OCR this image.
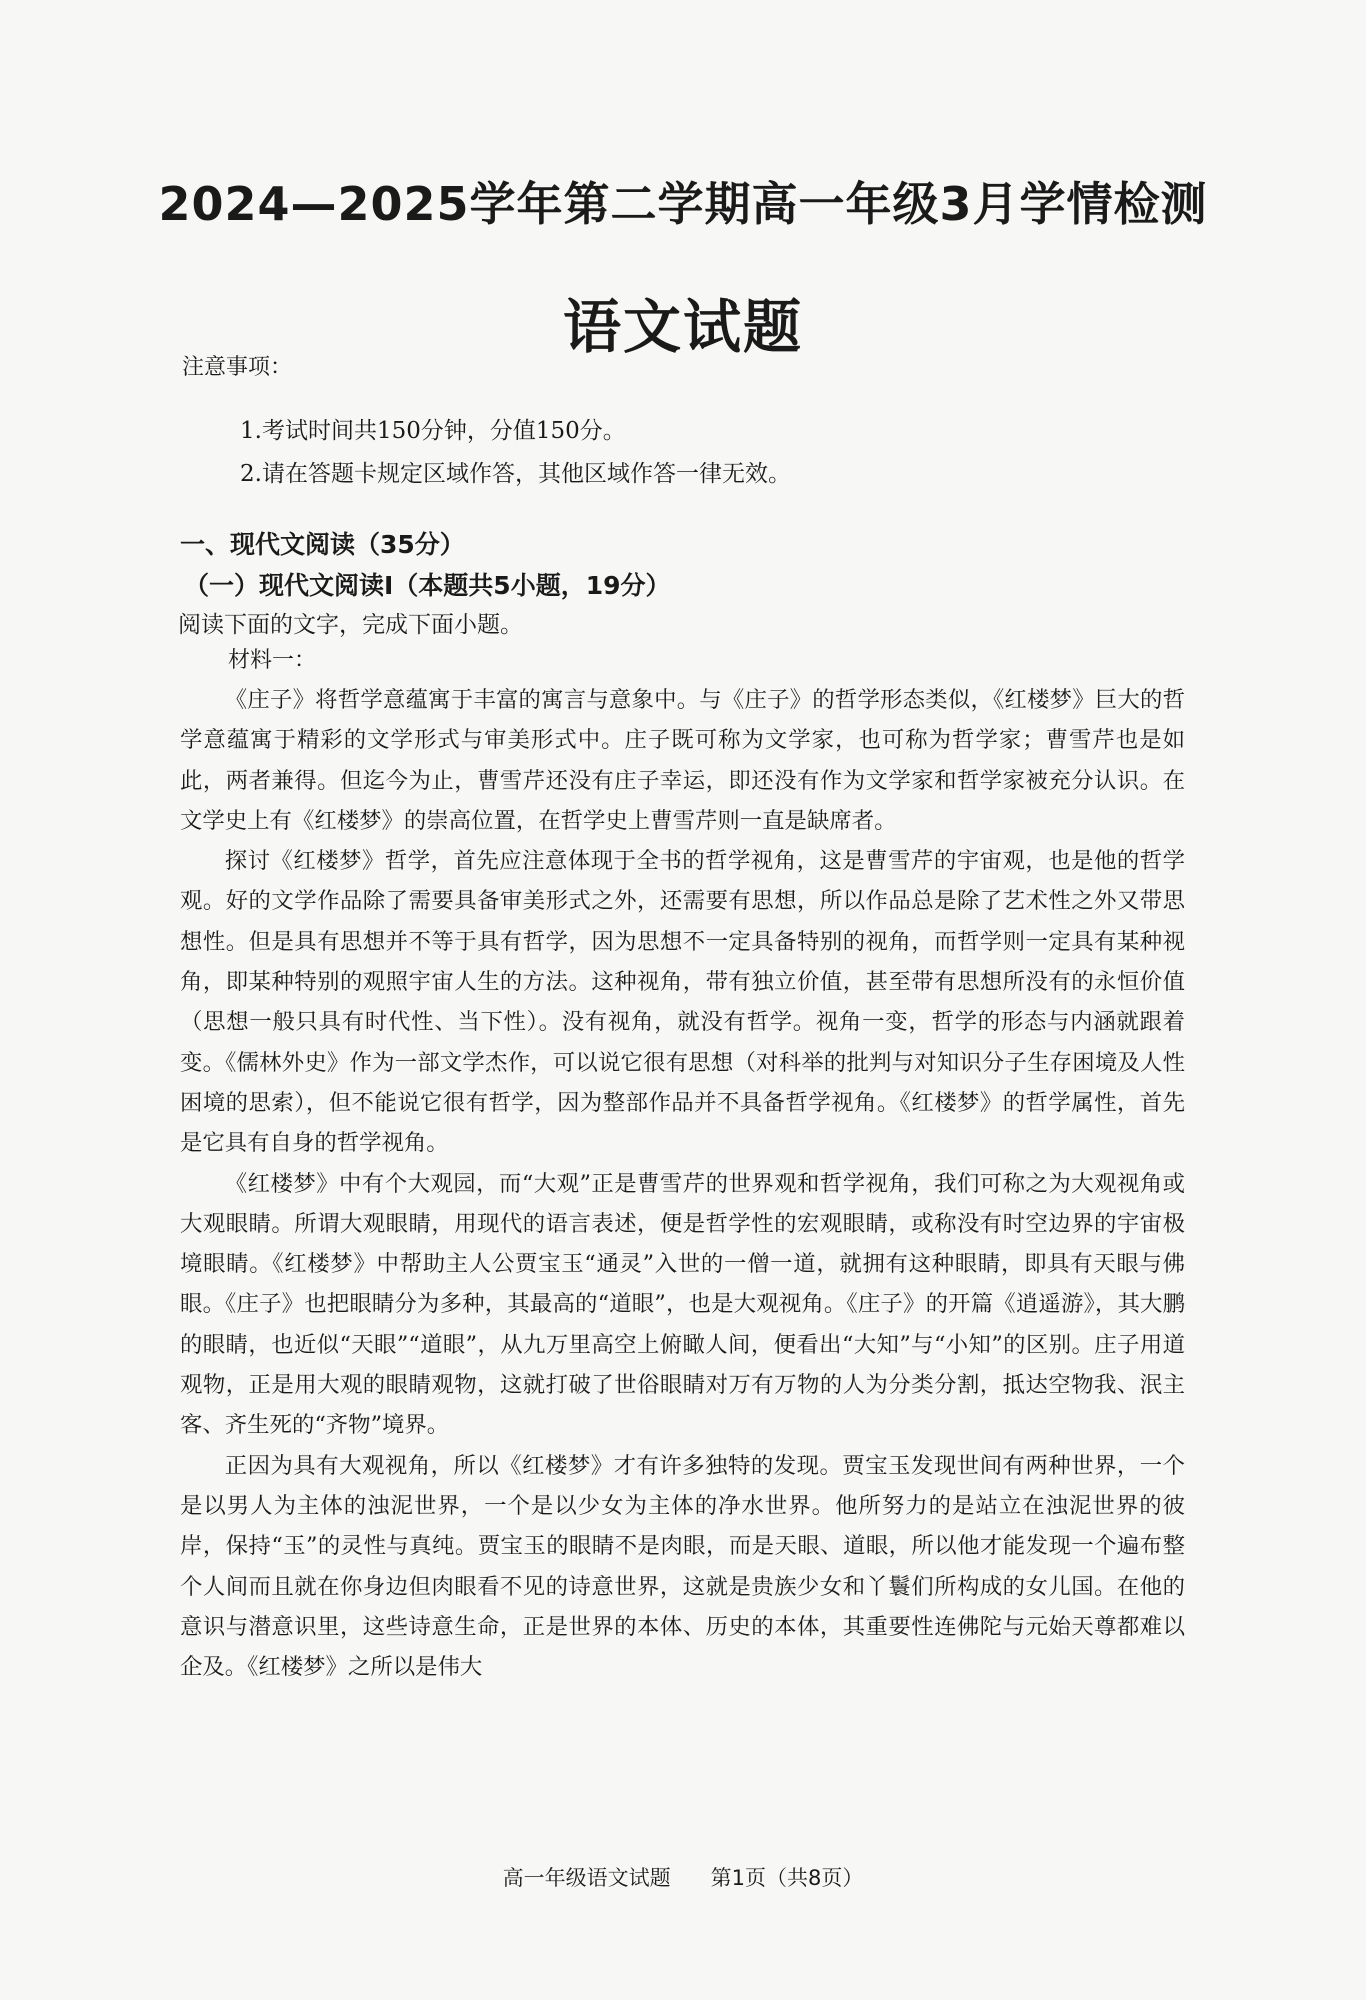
2024—2025学年第二学期高一年级3月学情检测
语文试题
注意事项：
1.考试时间共150分钟，分值150分。
2.请在答题卡规定区域作答，其他区域作答一律无效。
一、现代文阅读（35分）
（一）现代文阅读Ⅰ（本题共5小题，19分）
阅读下面的文字，完成下面小题。
材料一：

《庄子》将哲学意蕴寓于丰富的寓言与意象中。与《庄子》的哲学形态类似，《红楼梦》巨大的哲学意蕴寓于精彩的文学形式与审美形式中。庄子既可称为文学家，也可称为哲学家；曹雪芹也是如此，两者兼得。但迄今为止，曹雪芹还没有庄子幸运，即还没有作为文学家和哲学家被充分认识。在文学史上有《红楼梦》的崇高位置，在哲学史上曹雪芹则一直是缺席者。

探讨《红楼梦》哲学，首先应注意体现于全书的哲学视角，这是曹雪芹的宇宙观，也是他的哲学观。好的文学作品除了需要具备审美形式之外，还需要有思想，所以作品总是除了艺术性之外又带思想性。但是具有思想并不等于具有哲学，因为思想不一定具备特别的视角，而哲学则一定具有某种视角，即某种特别的观照宇宙人生的方法。这种视角，带有独立价值，甚至带有思想所没有的永恒价值（思想一般只具有时代性、当下性）。没有视角，就没有哲学。视角一变，哲学的形态与内涵就跟着变。《儒林外史》作为一部文学杰作，可以说它很有思想（对科举的批判与对知识分子生存困境及人性困境的思索），但不能说它很有哲学，因为整部作品并不具备哲学视角。《红楼梦》的哲学属性，首先是它具有自身的哲学视角。

《红楼梦》中有个大观园，而“大观”正是曹雪芹的世界观和哲学视角，我们可称之为大观视角或大观眼睛。所谓大观眼睛，用现代的语言表述，便是哲学性的宏观眼睛，或称没有时空边界的宇宙极境眼睛。《红楼梦》中帮助主人公贾宝玉“通灵”入世的一僧一道，就拥有这种眼睛，即具有天眼与佛眼。《庄子》也把眼睛分为多种，其最高的“道眼”，也是大观视角。《庄子》的开篇《逍遥游》，其大鹏的眼睛，也近似“天眼”“道眼”，从九万里高空上俯瞰人间，便看出“大知”与“小知”的区别。庄子用道观物，正是用大观的眼睛观物，这就打破了世俗眼睛对万有万物的人为分类分割，抵达空物我、泯主客、齐生死的“齐物”境界。

正因为具有大观视角，所以《红楼梦》才有许多独特的发现。贾宝玉发现世间有两种世界，一个是以男人为主体的浊泥世界，一个是以少女为主体的净水世界。他所努力的是站立在浊泥世界的彼岸，保持“玉”的灵性与真纯。贾宝玉的眼睛不是肉眼，而是天眼、道眼，所以他才能发现一个遍布整个人间而且就在你身边但肉眼看不见的诗意世界，这就是贵族少女和丫鬟们所构成的女儿国。在他的意识与潜意识里，这些诗意生命，正是世界的本体、历史的本体，其重要性连佛陀与元始天尊都难以企及。《红楼梦》之所以是伟大

高一年级语文试题 第1页（共8页）
